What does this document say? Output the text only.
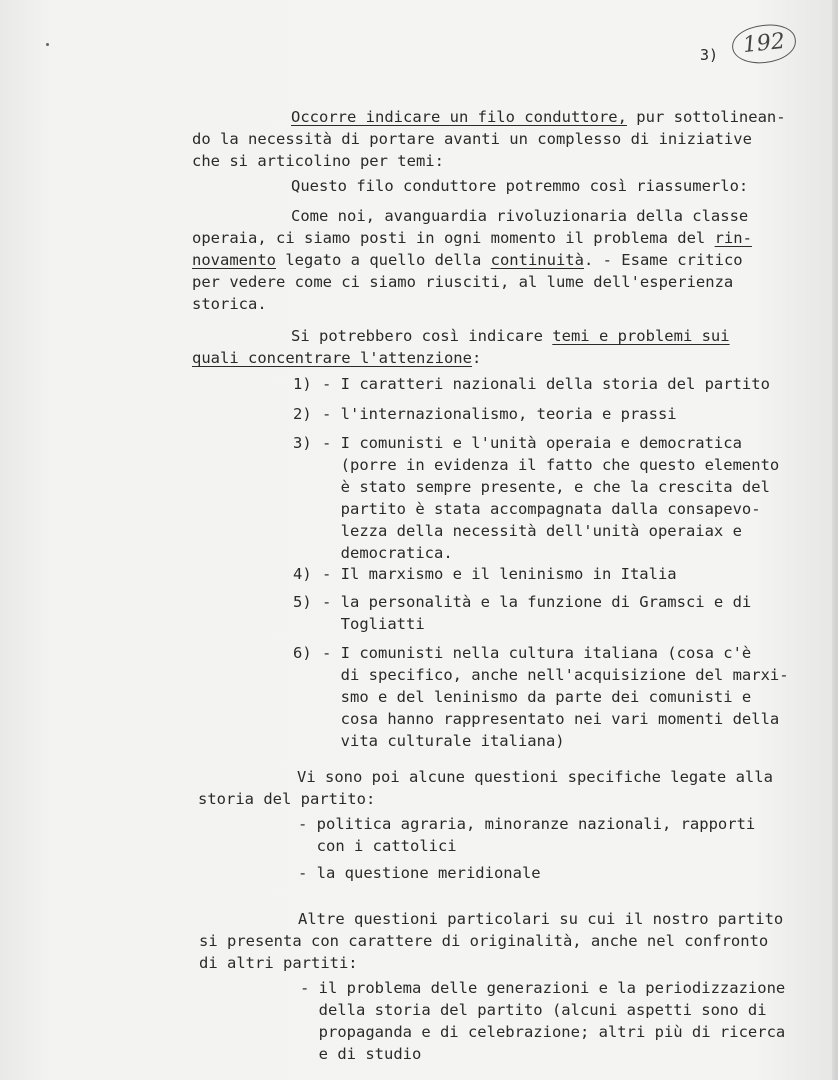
3)	192
Occorre indicare un filo conduttore, pur sottolinean-
do la necessità di portare avanti un complesso di iniziative
che si articolino per temi:
Questo filo conduttore potremmo così riassumerlo:
Come noi, avanguardia rivoluzionaria della classe
operaia, ci siamo posti in ogni momento il problema del rin-
novamento legato a quello della continuità. - Esame critico
per vedere come ci siamo riusciti, al lume dell'esperienza
storica.
Si potrebbero così indicare temi e problemi sui
quali concentrare l'attenzione:
1) - I caratteri nazionali della storia del partito
2) - l'internazionalismo, teoria e prassi
3) - I comunisti e l'unità operaia e democratica
(porre in evidenza il fatto che questo elemento
è stato sempre presente, e che la crescita del
partito è stata accompagnata dalla consapevo-
lezza della necessità dell'unità operaiax e
democratica.
4) - Il marxismo e il leninismo in Italia
5) - la personalità e la funzione di Gramsci e di
Togliatti
6) - I comunisti nella cultura italiana (cosa c'è
di specifico, anche nell'acquisizione del marxi-
smo e del leninismo da parte dei comunisti e
cosa hanno rappresentato nei vari momenti della
vita culturale italiana)
Vi sono poi alcune questioni specifiche legate alla
storia del partito:
- politica agraria, minoranze nazionali, rapporti
con i cattolici
- la questione meridionale
Altre questioni particolari su cui il nostro partito
si presenta con carattere di originalità, anche nel confronto
di altri partiti:
- il problema delle generazioni e la periodizzazione
della storia del partito (alcuni aspetti sono di
propaganda e di celebrazione; altri più di ricerca
e di studio
